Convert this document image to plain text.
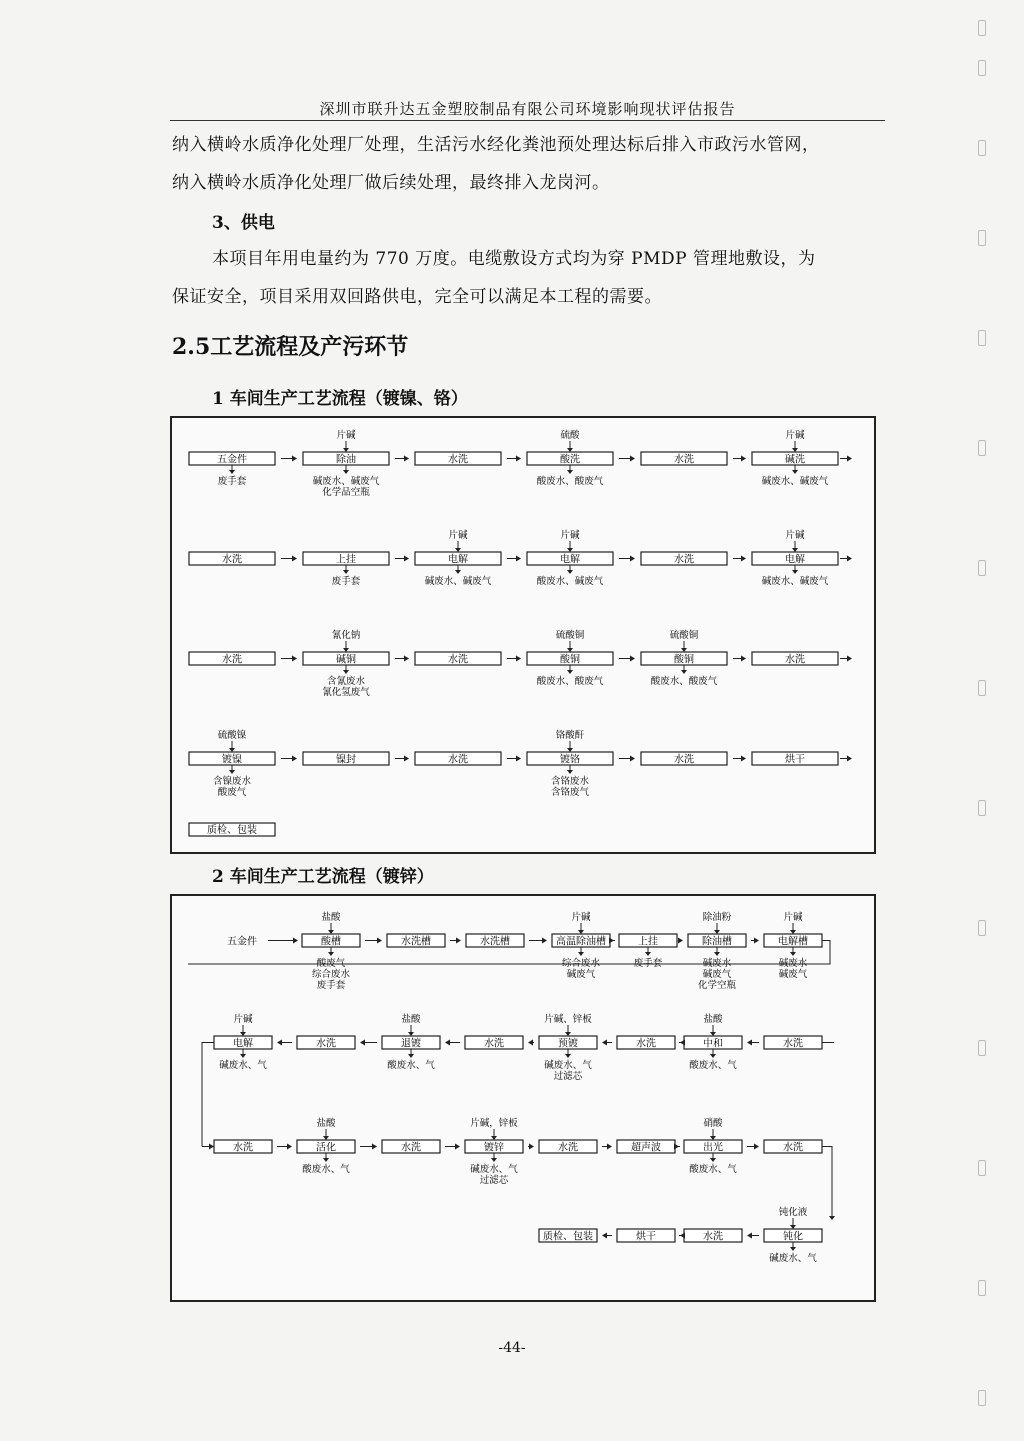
深圳市联升达五金塑胶制品有限公司环境影响现状评估报告
纳入横岭水质净化处理厂处理，生活污水经化粪池预处理达标后排入市政污水管网，
纳入横岭水质净化处理厂做后续处理，最终排入龙岗河。
3、供电
本项目年用电量约为 770 万度。电缆敷设方式均为穿 PMDP 管理地敷设，为
保证安全，项目采用双回路供电，完全可以满足本工程的需要。
2.5工艺流程及产污环节
1 车间生产工艺流程（镀镍、铬）
五金件
废手套
除油
片碱
碱废水、碱废气
化学品空瓶
水洗	酸洗
硫酸
酸废水、酸废气
水洗	碱洗
片碱
碱废水、碱废气
水洗	上挂
废手套
电解
片碱
碱废水、碱废气
电解
片碱
酸废水、碱废气
水洗	电解
片碱
碱废水、碱废气
水洗	碱铜
氰化钠
含氰废水
氰化氢废气
水洗	酸铜
硫酸铜
酸废水、酸废气
酸铜
硫酸铜
酸废水、酸废气
水洗
镀镍
硫酸镍
含镍废水
酸废气
镍封	水洗	镀铬
铬酸酐
含铬废水
含铬废气
水洗	烘干
质检、包装
2 车间生产工艺流程（镀锌）
五金件	酸槽
盐酸
酸废气
综合废水
废手套
水洗槽	水洗槽	高温除油槽
片碱
综合废水
碱废气
上挂
废手套
除油槽
除油粉
碱废水
碱废气
化学空瓶
电解槽
片碱
碱废水
碱废气
电解
片碱
碱废水、气
水洗	退镀
盐酸
酸废水、气
水洗	预镀
片碱、锌板
碱废水、气
过滤芯
水洗	中和
盐酸
酸废水、气
水洗
水洗	活化
盐酸
酸废水、气
水洗	镀锌
片碱，锌板
碱废水、气
过滤芯
水洗	超声波	出光
硝酸
酸废水、气
水洗
质检、包装	烘干	水洗	钝化
钝化液
碱废水、气
-44-
